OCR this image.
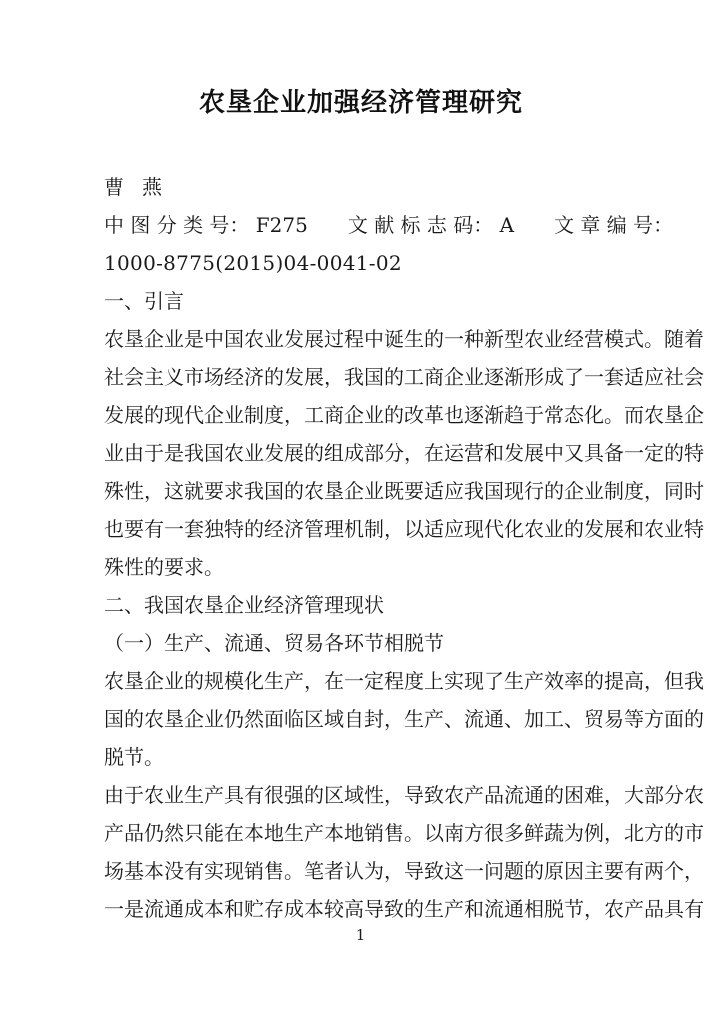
农垦企业加强经济管理研究

曹 燕

中 图 分 类 号： F275　　文 献 标 志 码： A　　文 章 编 号：

1000-8775(2015)04-0041-02

一、引言
农垦企业是中国农业发展过程中诞生的一种新型农业经营模式。随着
社会主义市场经济的发展，我国的工商企业逐渐形成了一套适应社会
发展的现代企业制度，工商企业的改革也逐渐趋于常态化。而农垦企
业由于是我国农业发展的组成部分，在运营和发展中又具备一定的特
殊性，这就要求我国的农垦企业既要适应我国现行的企业制度，同时
也要有一套独特的经济管理机制，以适应现代化农业的发展和农业特
殊性的要求。
二、我国农垦企业经济管理现状
（一）生产、流通、贸易各环节相脱节
农垦企业的规模化生产，在一定程度上实现了生产效率的提高，但我
国的农垦企业仍然面临区域自封，生产、流通、加工、贸易等方面的
脱节。
由于农业生产具有很强的区域性，导致农产品流通的困难，大部分农
产品仍然只能在本地生产本地销售。以南方很多鲜蔬为例，北方的市
场基本没有实现销售。笔者认为，导致这一问题的原因主要有两个，
一是流通成本和贮存成本较高导致的生产和流通相脱节，农产品具有
1
